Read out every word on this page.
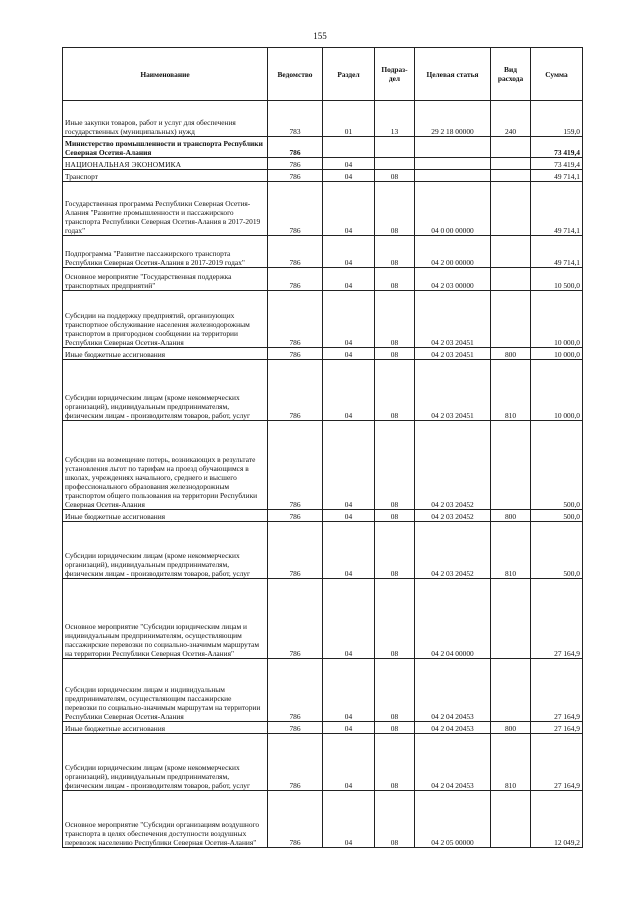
155
Наименование	Ведомство	Раздел	Подраз-дел	Целевая статья	Вид расхода	Сумма
Иные закупки товаров, работ и услуг для обеспечения государственных (муниципальных) нужд	783	01	13	29 2 18 00000	240	159,0
Министерство промышленности и транспорта Республики Северная Осетия-Алания	786					73 419,4
НАЦИОНАЛЬНАЯ ЭКОНОМИКА	786	04				73 419,4
Транспорт	786	04	08			49 714,1
Государственная программа Республики Северная Осетия-Алания "Развитие промышленности и пассажирского транспорта Республики Северная Осетия-Алания в 2017-2019 годах"	786	04	08	04 0 00 00000		49 714,1
Подпрограмма "Развитие пассажирского транспорта Республики Северная Осетия-Алания в 2017-2019 годах"	786	04	08	04 2 00 00000		49 714,1
Основное мероприятие "Государственная поддержка транспортных предприятий"	786	04	08	04 2 03 00000		10 500,0
Субсидии на поддержку предприятий, организующих транспортное обслуживание населения железнодорожным транспортом в пригородном сообщении на территории Республики Северная Осетия-Алания	786	04	08	04 2 03 20451		10 000,0
Иные бюджетные ассигнования	786	04	08	04 2 03 20451	800	10 000,0
Субсидии юридическим лицам (кроме некоммерческих организаций), индивидуальным предпринимателям, физическим лицам - производителям товаров, работ, услуг	786	04	08	04 2 03 20451	810	10 000,0
Субсидии на возмещение потерь, возникающих в результате установления льгот по тарифам на проезд обучающимся в школах, учреждениях начального, среднего и высшего профессионального образования железнодорожным транспортом общего пользования на территории Республики Северная Осетия-Алания	786	04	08	04 2 03 20452		500,0
Иные бюджетные ассигнования	786	04	08	04 2 03 20452	800	500,0
Субсидии юридическим лицам (кроме некоммерческих организаций), индивидуальным предпринимателям, физическим лицам - производителям товаров, работ, услуг	786	04	08	04 2 03 20452	810	500,0
Основное мероприятие "Субсидии юридическим лицам и индивидуальным предпринимателям, осуществляющим пассажирские перевозки по социально-значимым маршрутам на территории Республики Северная Осетия-Алания"	786	04	08	04 2 04 00000		27 164,9
Субсидии юридическим лицам и индивидуальным предпринимателям, осуществляющим пассажирские перевозки по социально-значимым маршрутам на территории Республики Северная Осетия-Алания	786	04	08	04 2 04 20453		27 164,9
Иные бюджетные ассигнования	786	04	08	04 2 04 20453	800	27 164,9
Субсидии юридическим лицам (кроме некоммерческих организаций), индивидуальным предпринимателям, физическим лицам - производителям товаров, работ, услуг	786	04	08	04 2 04 20453	810	27 164,9
Основное мероприятие "Субсидии организациям воздушного транспорта в целях обеспечения доступности воздушных перевозок населению Республики Северная Осетия-Алания"	786	04	08	04 2 05 00000		12 049,2
